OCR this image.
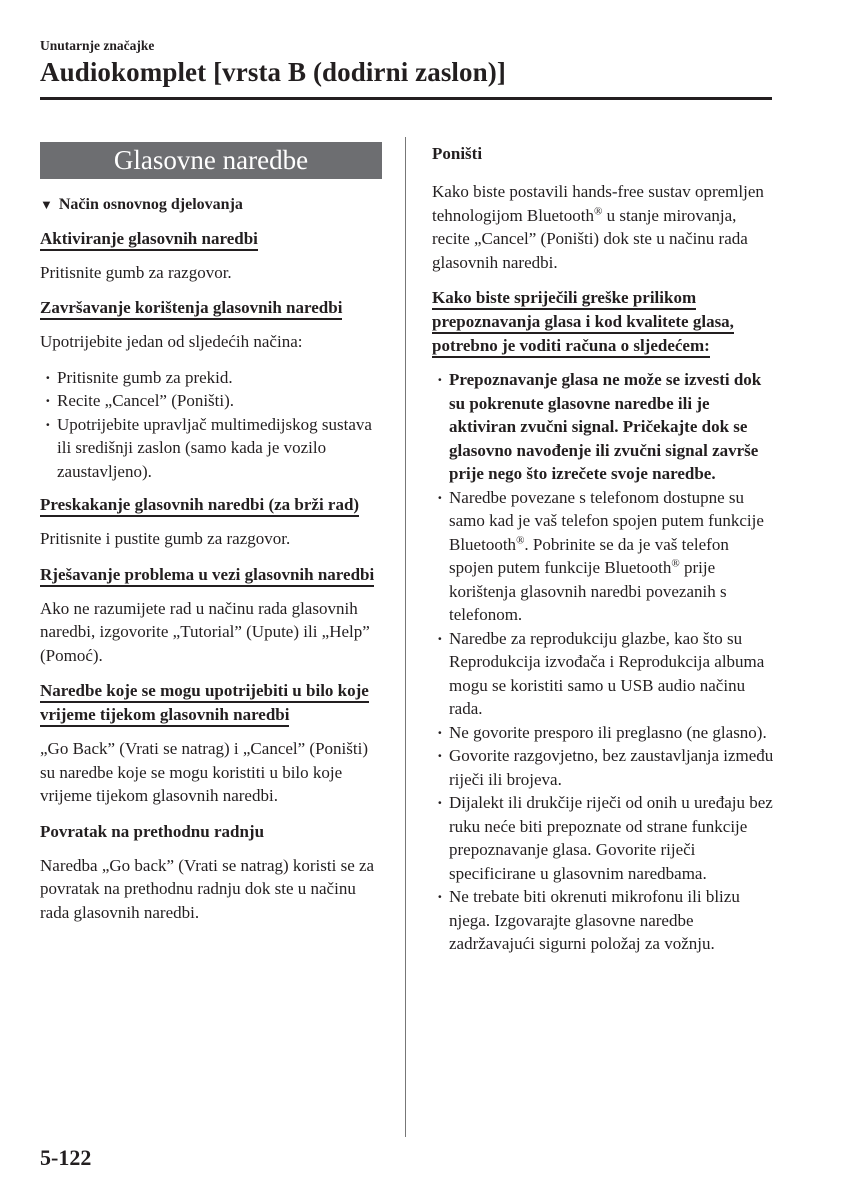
Unutarnje značajke
Audiokomplet [vrsta B (dodirni zaslon)]
Glasovne naredbe
▼ Način osnovnog djelovanja
Aktiviranje glasovnih naredbi

Pritisnite gumb za razgovor.

Završavanje korištenja glasovnih naredbi

Upotrijebite jedan od sljedećih načina:

· Pritisnite gumb za prekid.
· Recite „Cancel” (Poništi).
· Upotrijebite upravljač multimedijskog sustava ili središnji zaslon (samo kada je vozilo zaustavljeno).
Preskakanje glasovnih naredbi (za brži rad)

Pritisnite i pustite gumb za razgovor.

Rješavanje problema u vezi glasovnih naredbi

Ako ne razumijete rad u načinu rada glasovnih naredbi, izgovorite „Tutorial” (Upute) ili „Help” (Pomoć).

Naredbe koje se mogu upotrijebiti u bilo koje vrijeme tijekom glasovnih naredbi

„Go Back” (Vrati se natrag) i „Cancel” (Poništi) su naredbe koje se mogu koristiti u bilo koje vrijeme tijekom glasovnih naredbi.

Povratak na prethodnu radnju

Naredba „Go back” (Vrati se natrag) koristi se za povratak na prethodnu radnju dok ste u načinu rada glasovnih naredbi.

Poništi

Kako biste postavili hands-free sustav opremljen tehnologijom Bluetooth® u stanje mirovanja, recite „Cancel” (Poništi) dok ste u načinu rada glasovnih naredbi.

Kako biste spriječili greške prilikom prepoznavanja glasa i kod kvalitete glasa, potrebno je voditi računa o sljedećem:
· Prepoznavanje glasa ne može se izvesti dok su pokrenute glasovne naredbe ili je aktiviran zvučni signal. Pričekajte dok se glasovno navođenje ili zvučni signal završe prije nego što izrečete svoje naredbe.
· Naredbe povezane s telefonom dostupne su samo kad je vaš telefon spojen putem funkcije Bluetooth®. Pobrinite se da je vaš telefon spojen putem funkcije Bluetooth® prije korištenja glasovnih naredbi povezanih s telefonom.
· Naredbe za reprodukciju glazbe, kao što su Reprodukcija izvođača i Reprodukcija albuma mogu se koristiti samo u USB audio načinu rada.
· Ne govorite presporo ili preglasno (ne glasno).
· Govorite razgovjetno, bez zaustavljanja između riječi ili brojeva.
· Dijalekt ili drukčije riječi od onih u uređaju bez ruku neće biti prepoznate od strane funkcije prepoznavanje glasa. Govorite riječi specificirane u glasovnim naredbama.
· Ne trebate biti okrenuti mikrofonu ili blizu njega. Izgovarajte glasovne naredbe zadržavajući sigurni položaj za vožnju.
5-122
